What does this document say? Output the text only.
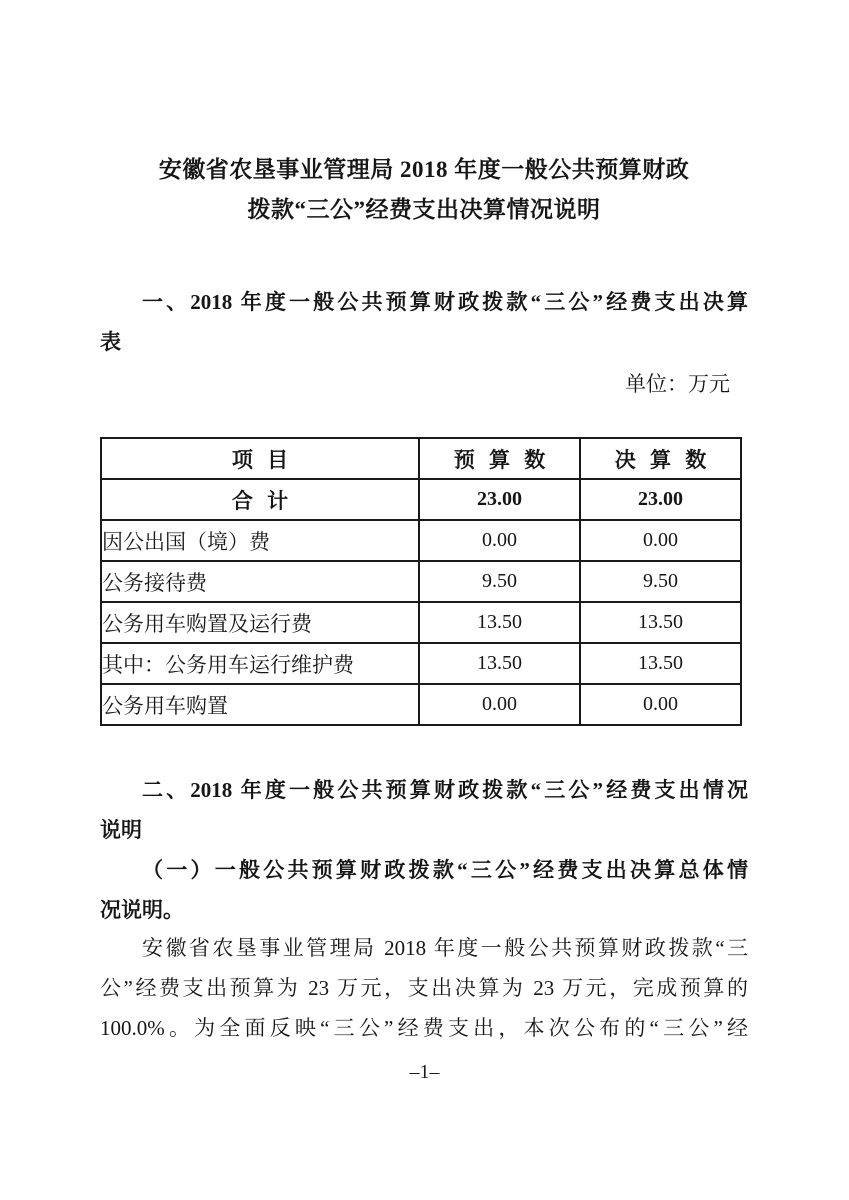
安徽省农垦事业管理局 2018 年度一般公共预算财政
拨款“三公”经费支出决算情况说明
一、2018 年度一般公共预算财政拨款“三公”经费支出决算
表
单位：万元
项 目	预 算 数	决 算 数
合 计	23.00	23.00
因公出国（境）费	0.00	0.00
公务接待费	9.50	9.50
公务用车购置及运行费	13.50	13.50
其中：公务用车运行维护费	13.50	13.50
公务用车购置	0.00	0.00
二、2018 年度一般公共预算财政拨款“三公”经费支出情况
说明
（一）一般公共预算财政拨款“三公”经费支出决算总体情
况说明。
安徽省农垦事业管理局 2018 年度一般公共预算财政拨款“三
公”经费支出预算为 23 万元，支出决算为 23 万元，完成预算的
100.0%。为全面反映“三公”经费支出，本次公布的“三公”经
–1–
